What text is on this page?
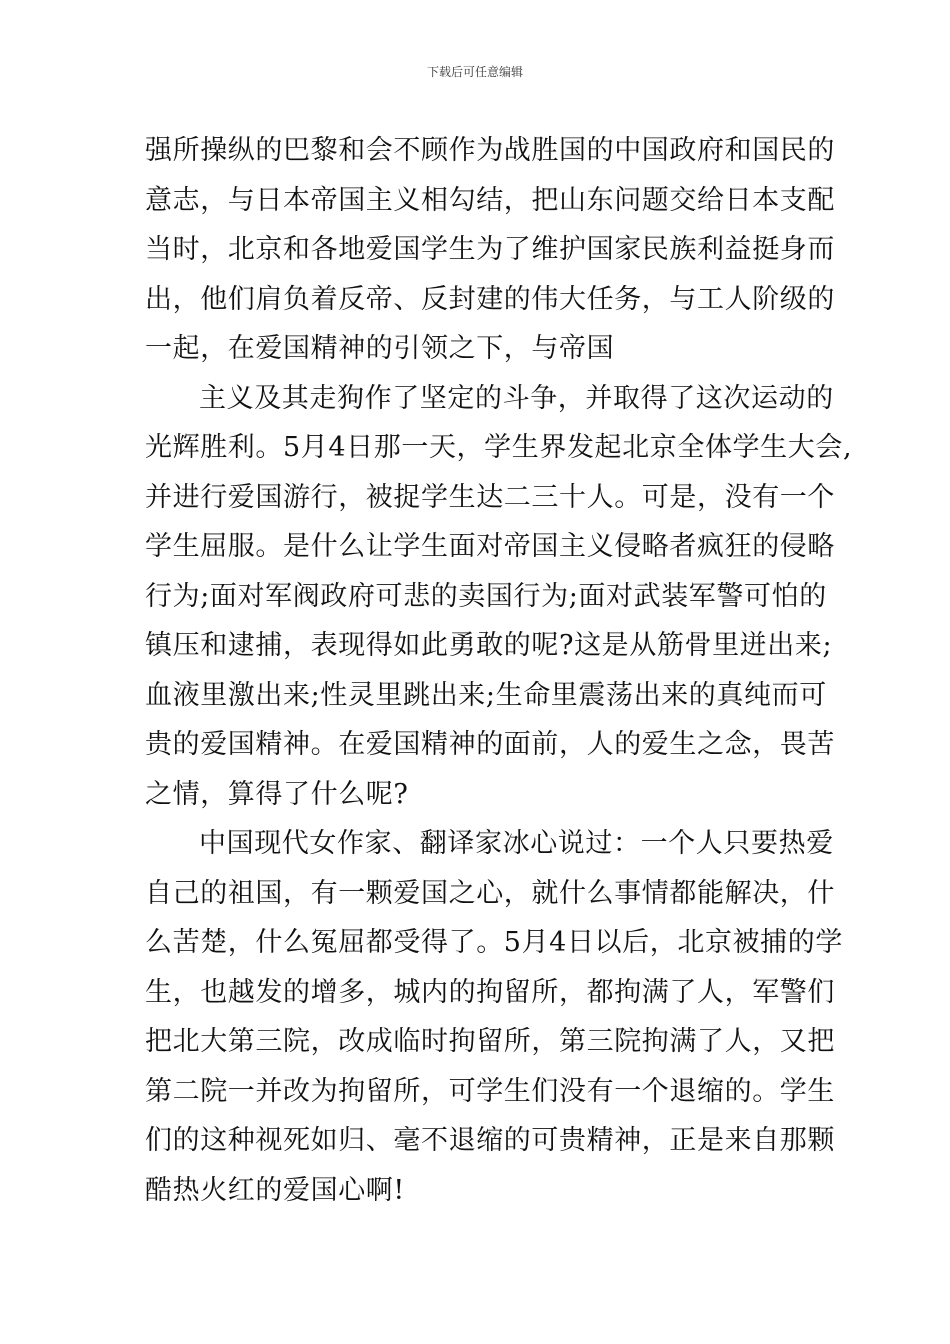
下载后可任意编辑
强所操纵的巴黎和会不顾作为战胜国的中国政府和国民的
意志，与日本帝国主义相勾结，把山东问题交给日本支配
当时，北京和各地爱国学生为了维护国家民族利益挺身而
出，他们肩负着反帝、反封建的伟大任务，与工人阶级的
一起，在爱国精神的引领之下，与帝国
主义及其走狗作了坚定的斗争，并取得了这次运动的
光辉胜利。5月4日那一天，学生界发起北京全体学生大会,
并进行爱国游行，被捉学生达二三十人。可是，没有一个
学生屈服。是什么让学生面对帝国主义侵略者疯狂的侵略
行为;面对军阀政府可悲的卖国行为;面对武装军警可怕的
镇压和逮捕，表现得如此勇敢的呢?这是从筋骨里迸出来;
血液里激出来;性灵里跳出来;生命里震荡出来的真纯而可
贵的爱国精神。在爱国精神的面前，人的爱生之念，畏苦
之情，算得了什么呢?
中国现代女作家、翻译家冰心说过：一个人只要热爱
自己的祖国，有一颗爱国之心，就什么事情都能解决，什
么苦楚，什么冤屈都受得了。5月4日以后，北京被捕的学
生，也越发的增多，城内的拘留所，都拘满了人，军警们
把北大第三院，改成临时拘留所，第三院拘满了人，又把
第二院一并改为拘留所，可学生们没有一个退缩的。学生
们的这种视死如归、毫不退缩的可贵精神，正是来自那颗
酷热火红的爱国心啊!
